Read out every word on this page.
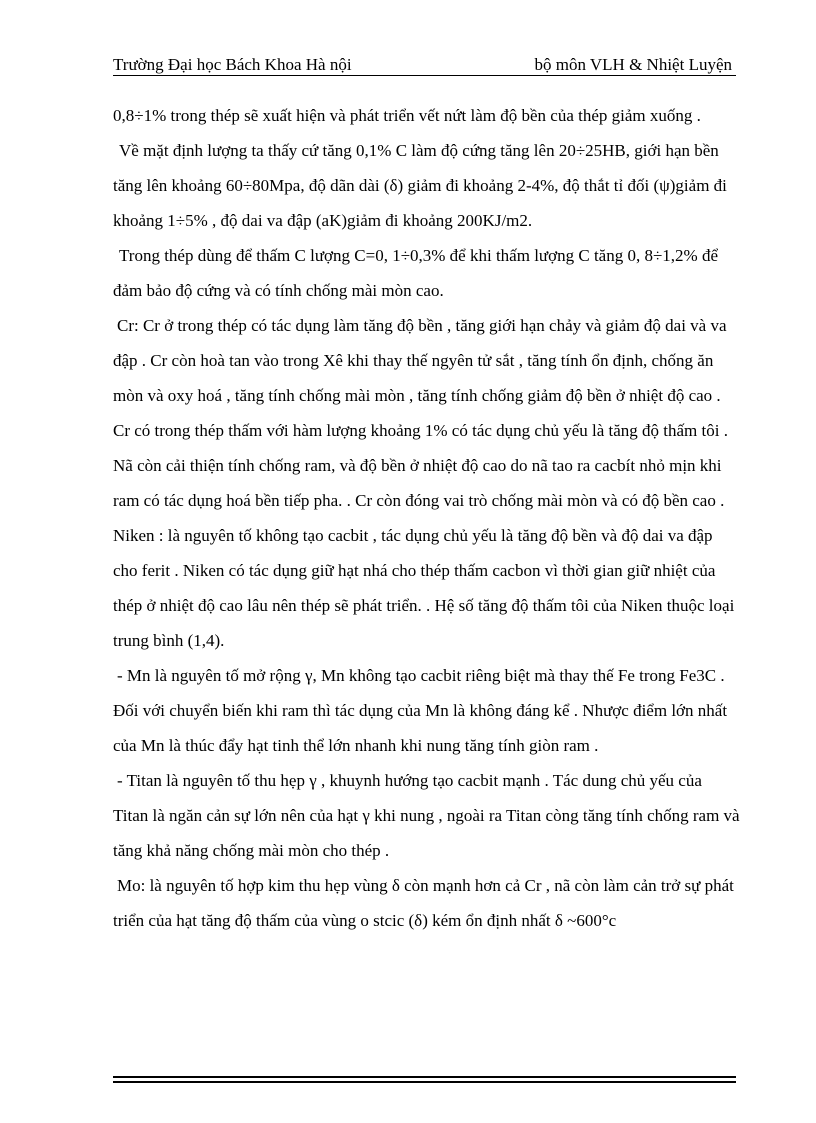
Trường Đại học Bách Khoa Hà nội	bộ môn VLH & Nhiệt Luyện

0,8÷1% trong thép sẽ xuất hiện và phát triển vết nứt làm độ bền của thép giảm xuống .

Về mặt định lượng ta thấy cứ tăng 0,1% C làm độ cứng tăng lên 20÷25HB, giới hạn bền tăng lên khoảng 60÷80Mpa, độ dãn dài (δ) giảm đi khoảng 2-4%, độ thắt tỉ đối (ψ)giảm đi khoảng 1÷5% , độ dai va đập (aK)giảm đi khoảng 200KJ/m2.

Trong thép dùng để thấm C lượng C=0, 1÷0,3% để khi thấm lượng C tăng 0, 8÷1,2% để đảm bảo độ cứng và có tính chống mài mòn cao.

Cr: Cr ở trong thép có tác dụng làm tăng độ bền , tăng giới hạn chảy và giảm độ dai và va đập . Cr còn hoà tan vào trong Xê khi thay thế ngyên tử sắt , tăng tính ổn định, chống ăn mòn và oxy hoá , tăng tính chống mài mòn , tăng tính chống giảm độ bền ở nhiệt độ cao . Cr có trong thép thấm với hàm lượng khoảng 1% có tác dụng chủ yếu là tăng độ thấm tôi . Nã còn cải thiện tính chống ram, và độ bền ở nhiệt độ cao do nã tao ra cacbít nhỏ mịn khi ram có tác dụng hoá bền tiếp pha. . Cr còn đóng vai trò chống mài mòn và có độ bền cao .

Niken : là nguyên tố không tạo cacbit , tác dụng chủ yếu là tăng độ bền và độ dai va đập cho ferit . Niken có tác dụng giữ hạt nhá cho thép thấm cacbon vì thời gian giữ nhiệt của thép ở nhiệt độ cao lâu nên thép sẽ phát triển. . Hệ số tăng độ thấm tôi của Niken thuộc loại trung bình (1,4).

- Mn là nguyên tố mở rộng γ, Mn không tạo cacbit riêng biệt mà thay thế Fe trong Fe3C . Đối với chuyển biến khi ram thì tác dụng của Mn là không đáng kể . Nhược điểm lớn nhất của Mn là thúc đẩy hạt tinh thể lớn nhanh khi nung tăng tính giòn ram .

- Titan là nguyên tố thu hẹp γ , khuynh hướng tạo cacbit mạnh . Tác dung chủ yếu của Titan là ngăn cản sự lớn nên của hạt γ khi nung , ngoài ra Titan còng tăng tính chống ram và tăng khả năng chống mài mòn cho thép .

Mo: là nguyên tố hợp kim thu hẹp vùng δ còn mạnh hơn cả Cr , nã còn làm cản trở sự phát triển của hạt tăng độ thấm của vùng o stcic (δ) kém ổn định nhất δ ~600°c
